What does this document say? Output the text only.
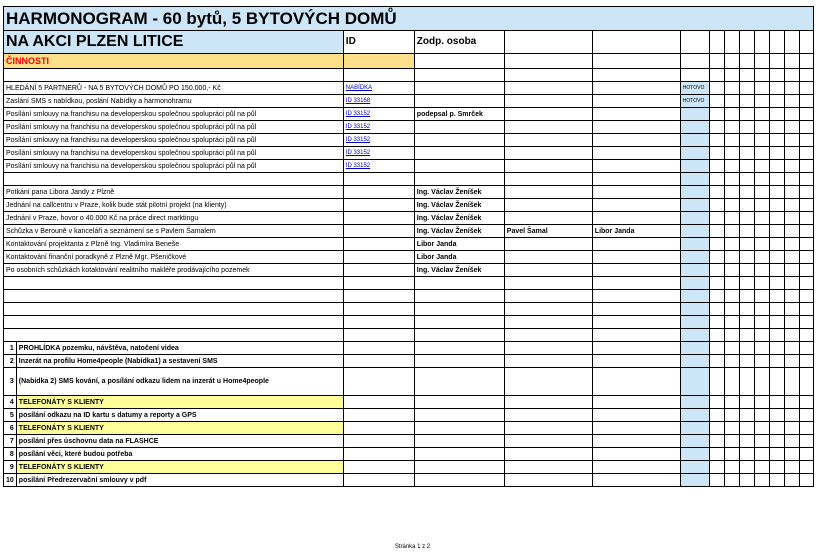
HARMONOGRAM - 60 bytů, 5 BYTOVÝCH DOMŮ													
NA AKCI PLZEN LITICE		ID	Zodp. osoba										
ČINNOSTI													

HLEDÁNÍ 5 PARTNERŮ - NA 5 BYTOVÝCH DOMŮ PO 150.000,- Kč		NABÍDKA				HOTOVO							
Zaslání SMS s nabídkou, poslání Nabídky a harmonohramu		ID 33168				HOTOVO							
Posílání smlouvy na franchisu na developerskou společnou spolupráci půl na půl		ID 33152	podepsal p. Smrček										
Posílání smlouvy na franchisu na developerskou společnou spolupráci půl na půl		ID 33152											
Posílání smlouvy na franchisu na developerskou společnou spolupráci půl na půl		ID 33152											
Posílání smlouvy na franchisu na developerskou společnou spolupráci půl na půl		ID 33152											
Posílání smlouvy na franchisu na developerskou společnou spolupráci půl na půl		ID 33152											

Potkání pana Libora Jandy z Plzně			Ing. Václav Ženíšek										
Jednání na callcentru v Praze, kolik bude stát pilotní projekt (na klienty)			Ing. Václav Ženíšek										
Jednání v Praze, hovor o 40.000 Kč na práce direct marktingu			Ing. Václav Ženíšek										
Schůzka v Berouně v kanceláři a seznámení se s Pavlem Šamalem			Ing. Václav Ženíšek	Pavel Šamal	Libor Janda								
Kontaktování projektanta z Plzně Ing. Vladimíra Beneše			Libor Janda										
Kontaktování finanční poradkyně z Plzně Mgr. Pšeničkové			Libor Janda										
Po osobních schůzkách kotaktování realitního makléře prodávajícího pozemek			Ing. Václav Ženíšek										

1	PROHLÍDKA pozemku, návštěva, natočení videa												
2	Inzerát na profilu Home4people (Nabídka1) a sestavení SMS												
3	(Nabídka 2) SMS kování, a posílání odkazu lidem na inzerát u Home4people												
4	TELEFONÁTY S KLIENTY												
5	posílání odkazu na ID kartu s datumy a reporty a GPS												
6	TELEFONÁTY S KLIENTY												
7	posílání přes úschovnu data na FLASHCE												
8	posílání věci, které budou potřeba												
9	TELEFONÁTY S KLIENTY												
10	posílání Předrezervační smlouvy v pdf												
Stránka 1 z 2
